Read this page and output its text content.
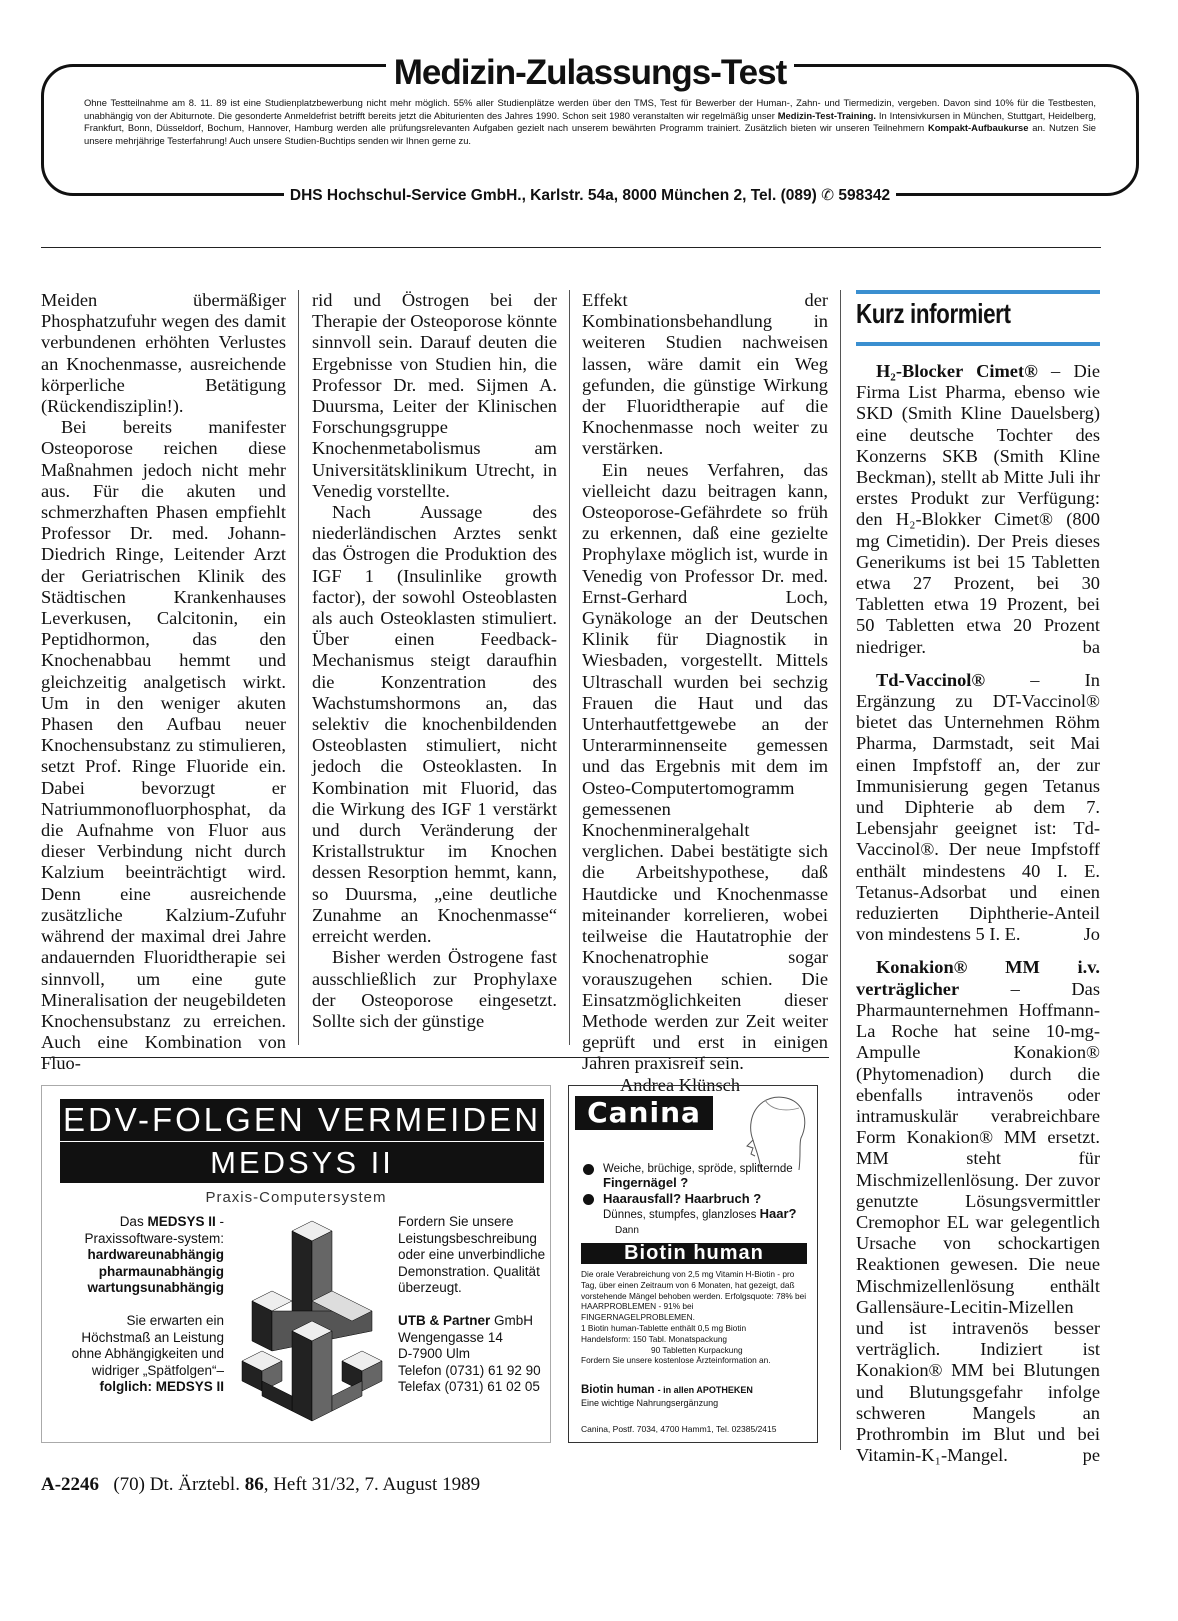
Medizin-Zulassungs-Test
Ohne Testteilnahme am 8. 11. 89 ist eine Studienplatzbewerbung nicht mehr möglich. 55% aller Studienplätze werden über den TMS, Test für Bewerber der Human-, Zahn- und Tiermedizin, vergeben. Davon sind 10% für die Testbesten, unabhängig von der Abiturnote. Die gesonderte Anmeldefrist betrifft bereits jetzt die Abiturienten des Jahres 1990. Schon seit 1980 veranstalten wir regelmäßig unser Medizin-Test-Training. In Intensivkursen in München, Stuttgart, Heidelberg, Frankfurt, Bonn, Düsseldorf, Bochum, Hannover, Hamburg werden alle prüfungsrelevanten Aufgaben gezielt nach unserem bewährten Programm trainiert. Zusätzlich bieten wir unseren Teilnehmern Kompakt-Aufbaukurse an. Nutzen Sie unsere mehrjährige Testerfahrung! Auch unsere Studien-Buchtips senden wir Ihnen gerne zu.
DHS Hochschul-Service GmbH., Karlstr. 54a, 8000 München 2, Tel. (089) ✆ 598342

Meiden übermäßiger Phosphatzufuhr wegen des damit verbundenen erhöhten Verlustes an Knochenmasse, ausreichende körperliche Betätigung (Rückendisziplin!).

Bei bereits manifester Osteoporose reichen diese Maßnahmen jedoch nicht mehr aus. Für die akuten und schmerzhaften Phasen empfiehlt Professor Dr. med. Johann-Diedrich Ringe, Leitender Arzt der Geriatrischen Klinik des Städtischen Krankenhauses Leverkusen, Calcitonin, ein Peptidhormon, das den Knochenabbau hemmt und gleichzeitig analgetisch wirkt. Um in den weniger akuten Phasen den Aufbau neuer Knochensubstanz zu stimulieren, setzt Prof. Ringe Fluoride ein. Dabei bevorzugt er Natriummonofluorphosphat, da die Aufnahme von Fluor aus dieser Verbindung nicht durch Kalzium beeinträchtigt wird. Denn eine ausreichende zusätzliche Kalzium-Zufuhr während der maximal drei Jahre andauernden Fluoridtherapie sei sinnvoll, um eine gute Mineralisation der neugebildeten Knochensubstanz zu erreichen. Auch eine Kombination von Fluo-

rid und Östrogen bei der Therapie der Osteoporose könnte sinnvoll sein. Darauf deuten die Ergebnisse von Studien hin, die Professor Dr. med. Sijmen A. Duursma, Leiter der Klinischen Forschungsgruppe Knochenmetabolismus am Universitätsklinikum Utrecht, in Venedig vorstellte.

Nach Aussage des niederländischen Arztes senkt das Östrogen die Produktion des IGF 1 (Insulinlike growth factor), der sowohl Osteoblasten als auch Osteoklasten stimuliert. Über einen Feedback-Mechanismus steigt daraufhin die Konzentration des Wachstumshormons an, das selektiv die knochenbildenden Osteoblasten stimuliert, nicht jedoch die Osteoklasten. In Kombination mit Fluorid, das die Wirkung des IGF 1 verstärkt und durch Veränderung der Kristallstruktur im Knochen dessen Resorption hemmt, kann, so Duursma, „eine deutliche Zunahme an Knochenmasse“ erreicht werden.

Bisher werden Östrogene fast ausschließlich zur Prophylaxe der Osteoporose eingesetzt. Sollte sich der günstige

Effekt der Kombinationsbehandlung in weiteren Studien nachweisen lassen, wäre damit ein Weg gefunden, die günstige Wirkung der Fluoridtherapie auf die Knochenmasse noch weiter zu verstärken.

Ein neues Verfahren, das vielleicht dazu beitragen kann, Osteoporose-Gefährdete so früh zu erkennen, daß eine gezielte Prophylaxe möglich ist, wurde in Venedig von Professor Dr. med. Ernst-Gerhard Loch, Gynäkologe an der Deutschen Klinik für Diagnostik in Wiesbaden, vorgestellt. Mittels Ultraschall wurden bei sechzig Frauen die Haut und das Unterhautfettgewebe an der Unterarminnenseite gemessen und das Ergebnis mit dem im Osteo-Computertomogramm gemessenen Knochenmineralgehalt verglichen. Dabei bestätigte sich die Arbeitshypothese, daß Hautdicke und Knochenmasse miteinander korrelieren, wobei teilweise die Hautatrophie der Knochenatrophie sogar vorauszugehen schien. Die Einsatzmöglichkeiten dieser Methode werden zur Zeit weiter geprüft und erst in einigen Jahren praxisreif sein.

Andrea Klünsch

Kurz informiert

H₂-Blocker Cimet® – Die Firma List Pharma, ebenso wie SKD (Smith Kline Dauelsberg) eine deutsche Tochter des Konzerns SKB (Smith Kline Beckman), stellt ab Mitte Juli ihr erstes Produkt zur Verfügung: den H₂-Blokker Cimet® (800 mg Cimetidin). Der Preis dieses Generikums ist bei 15 Tabletten etwa 27 Prozent, bei 30 Tabletten etwa 19 Prozent, bei 50 Tabletten etwa 20 Prozent niedriger.	ba

Td-Vaccinol® – In Ergänzung zu DT-Vaccinol® bietet das Unternehmen Röhm Pharma, Darmstadt, seit Mai einen Impfstoff an, der zur Immunisierung gegen Tetanus und Diphterie ab dem 7. Lebensjahr geeignet ist: Td-Vaccinol®. Der neue Impfstoff enthält mindestens 40 I. E. Tetanus-Adsorbat und einen reduzierten Diphtherie-Anteil von mindestens 5 I. E.	Jo

Konakion® MM i.v. verträglicher – Das Pharmaunternehmen Hoffmann-La Roche hat seine 10-mg-Ampulle Konakion® (Phytomenadion) durch die ebenfalls intravenös oder intramuskulär verabreichbare Form Konakion® MM ersetzt. MM steht für Mischmizellenlösung. Der zuvor genutzte Lösungsvermittler Cremophor EL war gelegentlich Ursache von schockartigen Reaktionen gewesen. Die neue Mischmizellenlösung enthält Gallensäure-Lecitin-Mizellen und ist intravenös besser verträglich. Indiziert ist Konakion® MM bei Blutungen und Blutungsgefahr infolge schweren Mangels an Prothrombin im Blut und bei Vitamin-K₁-Mangel.	pe

EDV-FOLGEN VERMEIDEN
MEDSYS II
Praxis-Computersystem
Das MEDSYS II - Praxissoftware-system:
hardwareunabhängig
pharmaunabhängig
wartungsunabhängig

Sie erwarten ein Höchstmaß an Leistung ohne Abhängigkeiten und widriger „Spätfolgen“–
folglich: MEDSYS II
Fordern Sie unsere Leistungsbeschreibung oder eine unverbindliche Demonstration. Qualität überzeugt.

UTB & Partner GmbH
Wengengasse 14
D-7900 Ulm
Telefon (0731) 61 92 90
Telefax (0731) 61 02 05
Canina
Weiche, brüchige, spröde, splitternde
Fingernägel ?
Haarausfall? Haarbruch ?
Dünnes, stumpfes, glanzloses Haar?
Dann
Biotin human
Die orale Verabreichung von 2,5 mg Vitamin H-Biotin - pro Tag, über einen Zeitraum von 6 Monaten, hat gezeigt, daß vorstehende Mängel behoben werden. Erfolgsquote: 78% bei HAARPROBLEMEN - 91% bei FINGERNAGELPROBLEMEN.
1 Biotin human-Tablette enthält 0,5 mg Biotin
Handelsform: 150 Tabl. Monatspackung
90 Tabletten Kurpackung
Fordern Sie unsere kostenlose Ärzteinformation an.
Biotin human - in allen APOTHEKEN
Eine wichtige Nahrungsergänzung
Canina, Postf. 7034, 4700 Hamm1, Tel. 02385/2415
A-2246 (70) Dt. Ärztebl. 86, Heft 31/32, 7. August 1989
